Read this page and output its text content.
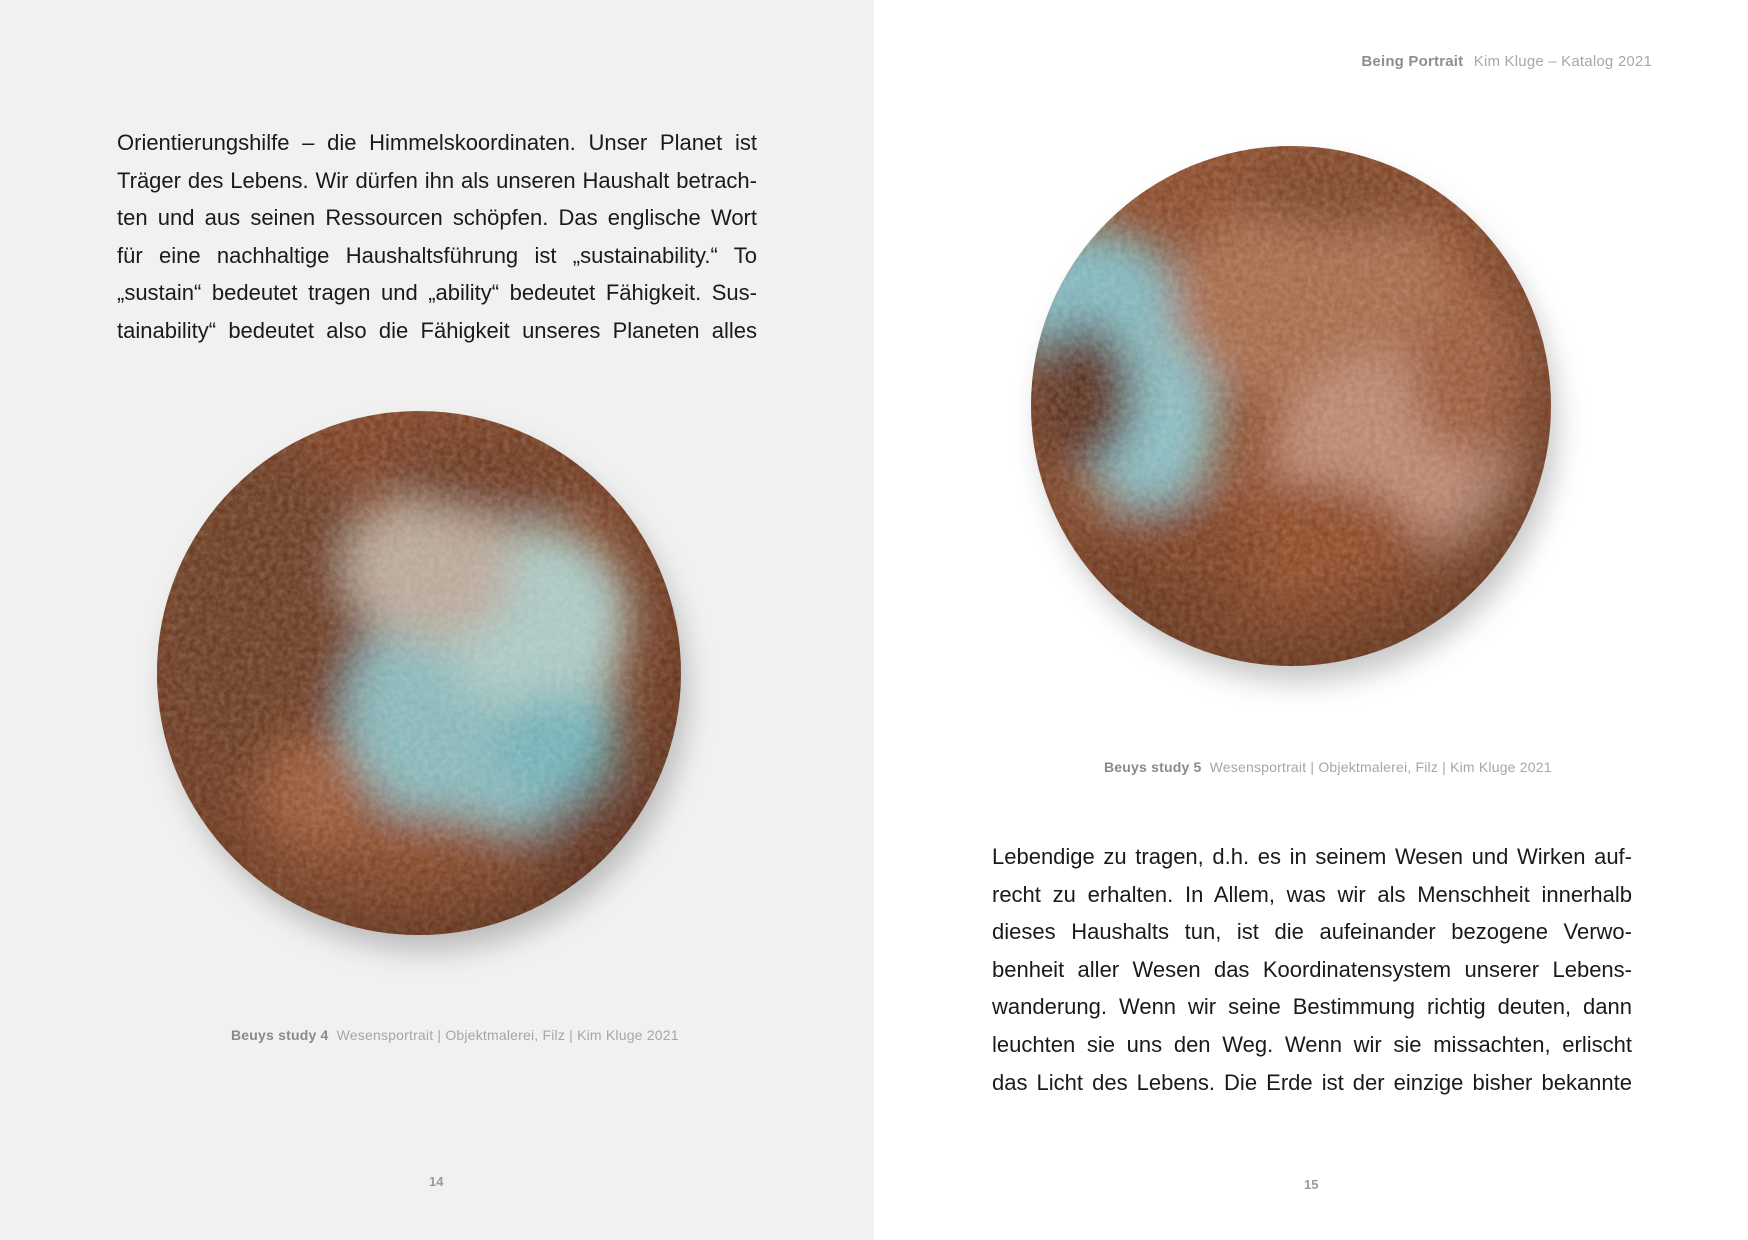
Orientierungshilfe – die Himmelskoordinaten. Unser Planet ist
Träger des Lebens. Wir dürfen ihn als unseren Haushalt betrach-
ten und aus seinen Ressourcen schöpfen. Das englische Wort
für eine nachhaltige Haushaltsführung ist „sustainability.“ To
„sustain“ bedeutet tragen und „ability“ bedeutet Fähigkeit. Sus-
tainability“ bedeutet also die Fähigkeit unseres Planeten alles

Beuys study 4 Wesensportrait | Objektmalerei, Filz | Kim Kluge 2021
14
Being Portrait Kim Kluge – Katalog 2021
Beuys study 5 Wesensportrait | Objektmalerei, Filz | Kim Kluge 2021

Lebendige zu tragen, d.h. es in seinem Wesen und Wirken auf-
recht zu erhalten. In Allem, was wir als Menschheit innerhalb
dieses Haushalts tun, ist die aufeinander bezogene Verwo-
benheit aller Wesen das Koordinatensystem unserer Lebens-
wanderung. Wenn wir seine Bestimmung richtig deuten, dann
leuchten sie uns den Weg. Wenn wir sie missachten, erlischt
das Licht des Lebens. Die Erde ist der einzige bisher bekannte

15
